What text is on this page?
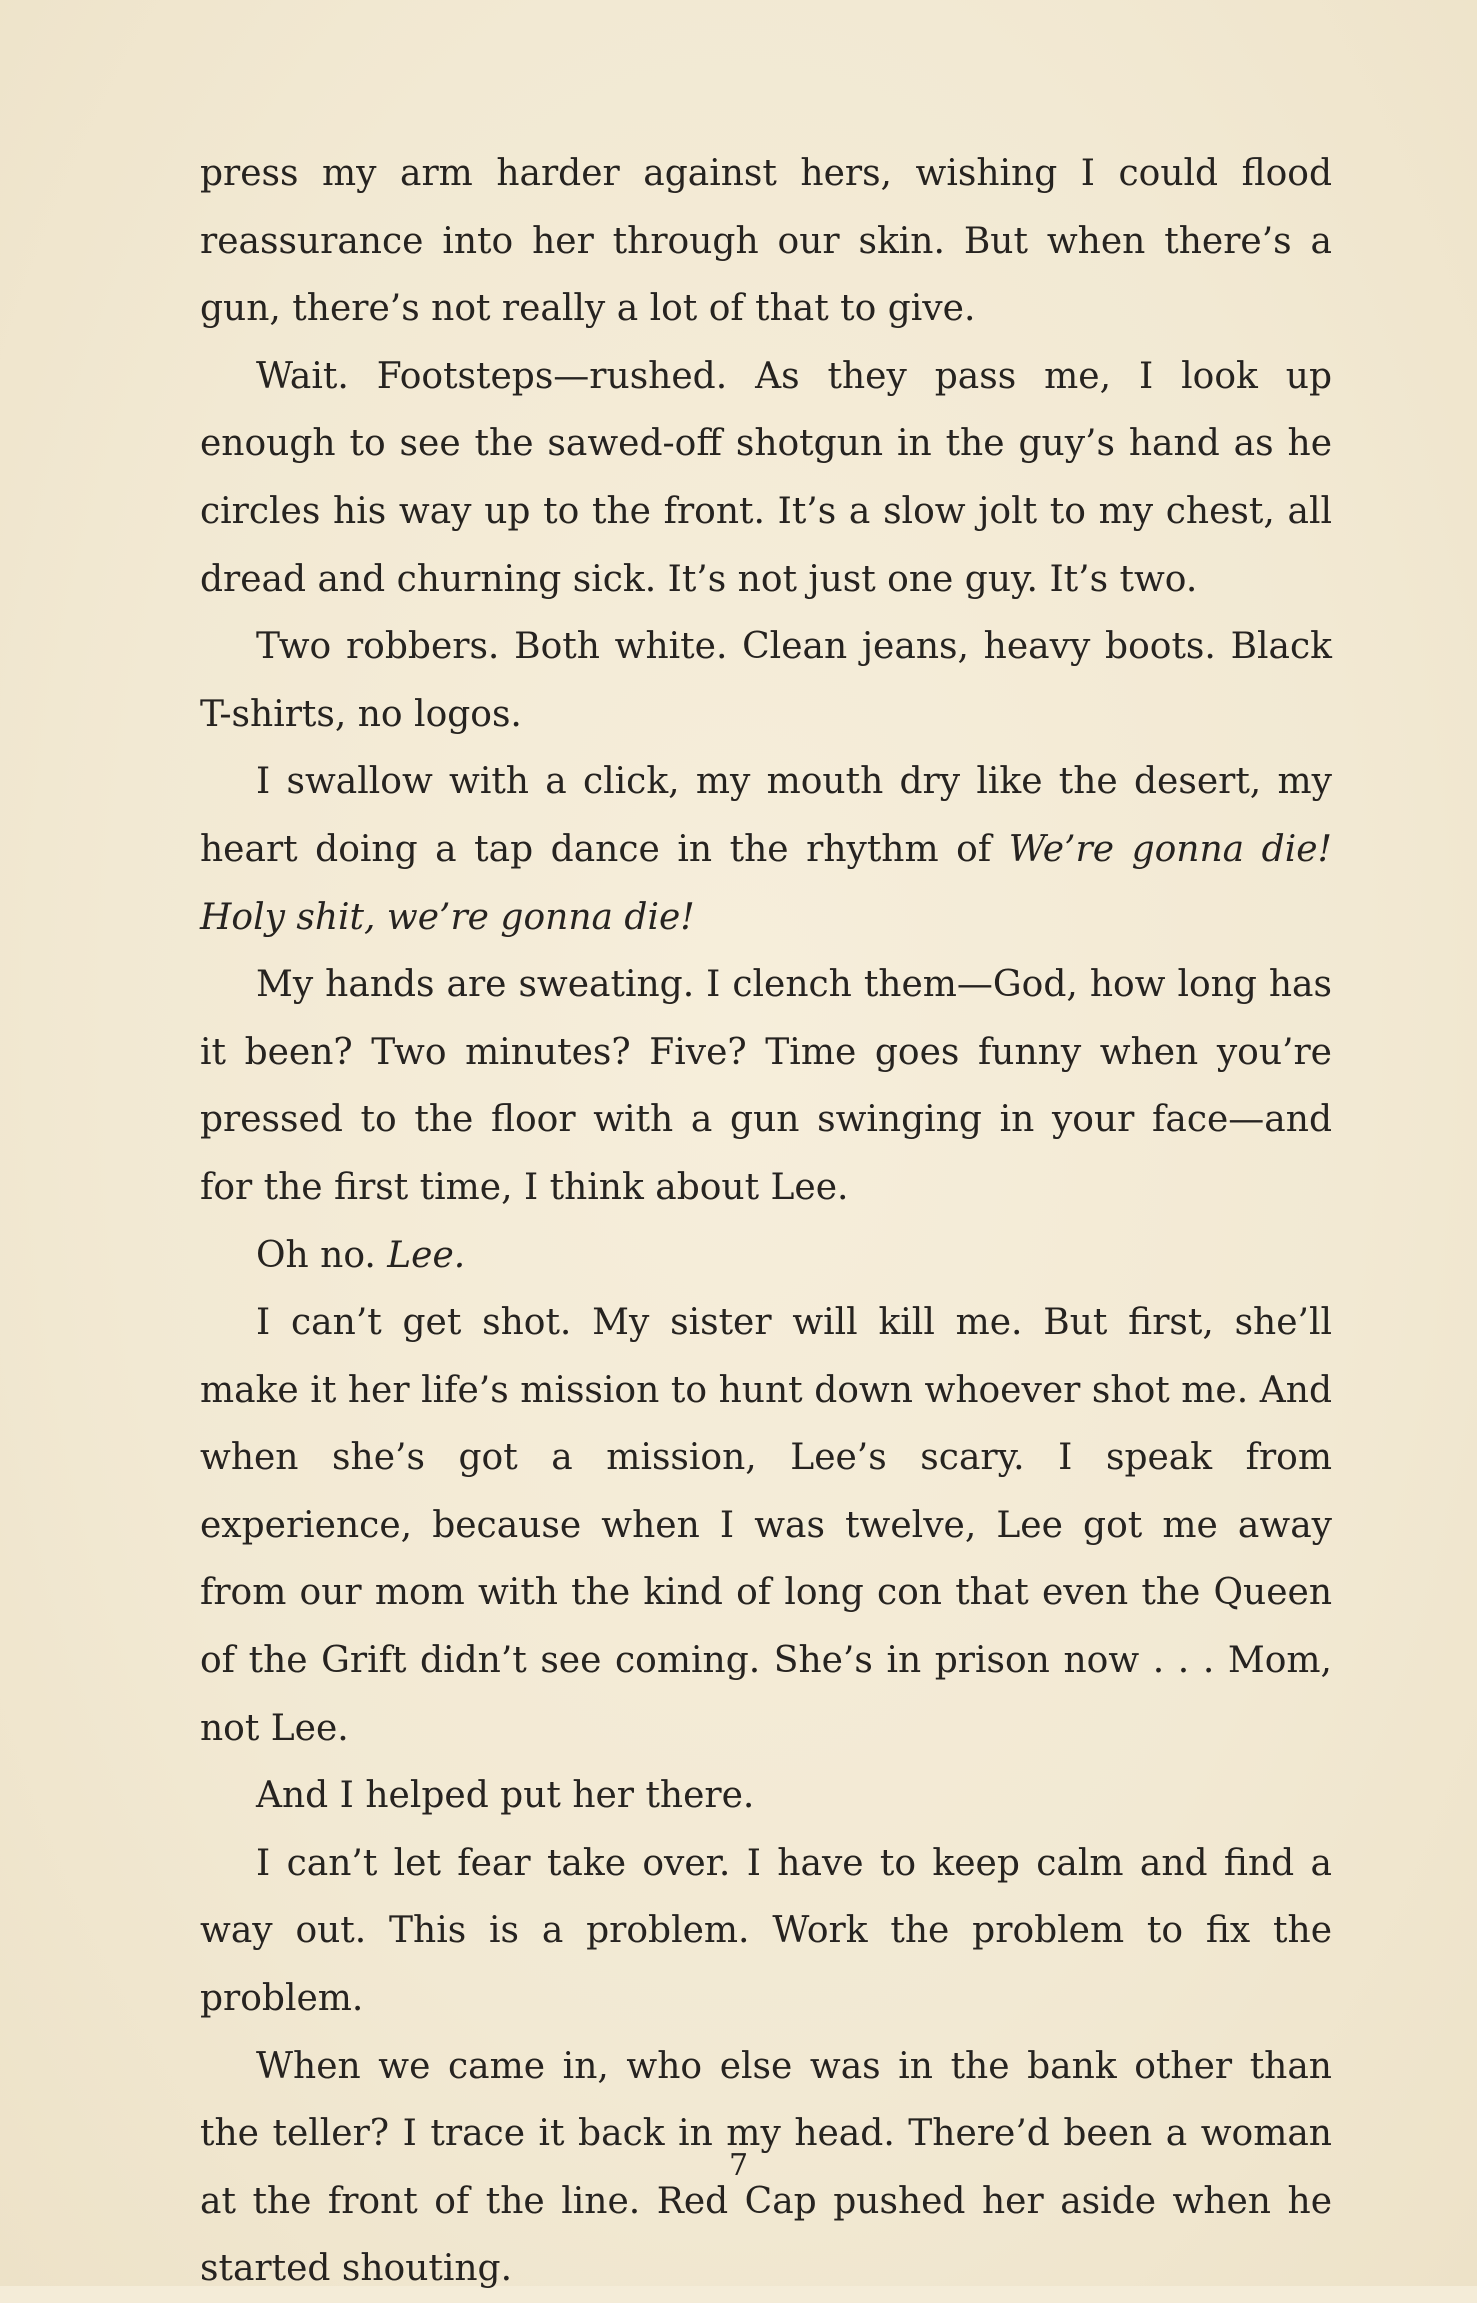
press my arm harder against hers, wishing I could flood reassurance into her through our skin. But when there’s a gun, there’s not really a lot of that to give.

Wait. Footsteps—rushed. As they pass me, I look up enough to see the sawed-off shotgun in the guy’s hand as he circles his way up to the front. It’s a slow jolt to my chest, all dread and churning sick. It’s not just one guy. It’s two.

Two robbers. Both white. Clean jeans, heavy boots. Black T-shirts, no logos.

I swallow with a click, my mouth dry like the desert, my heart doing a tap dance in the rhythm of We’re gonna die! Holy shit, we’re gonna die!

My hands are sweating. I clench them—God, how long has it been? Two minutes? Five? Time goes funny when you’re pressed to the floor with a gun swinging in your face—and for the first time, I think about Lee.

Oh no. Lee.

I can’t get shot. My sister will kill me. But first, she’ll make it her life’s mission to hunt down whoever shot me. And when she’s got a mission, Lee’s scary. I speak from experience, because when I was twelve, Lee got me away from our mom with the kind of long con that even the Queen of the Grift didn’t see coming. She’s in prison now . . . Mom, not Lee.

And I helped put her there.

I can’t let fear take over. I have to keep calm and find a way out. This is a problem. Work the problem to fix the problem.

When we came in, who else was in the bank other than the teller? I trace it back in my head. There’d been a woman at the front of the line. Red Cap pushed her aside when he started shouting.

7
